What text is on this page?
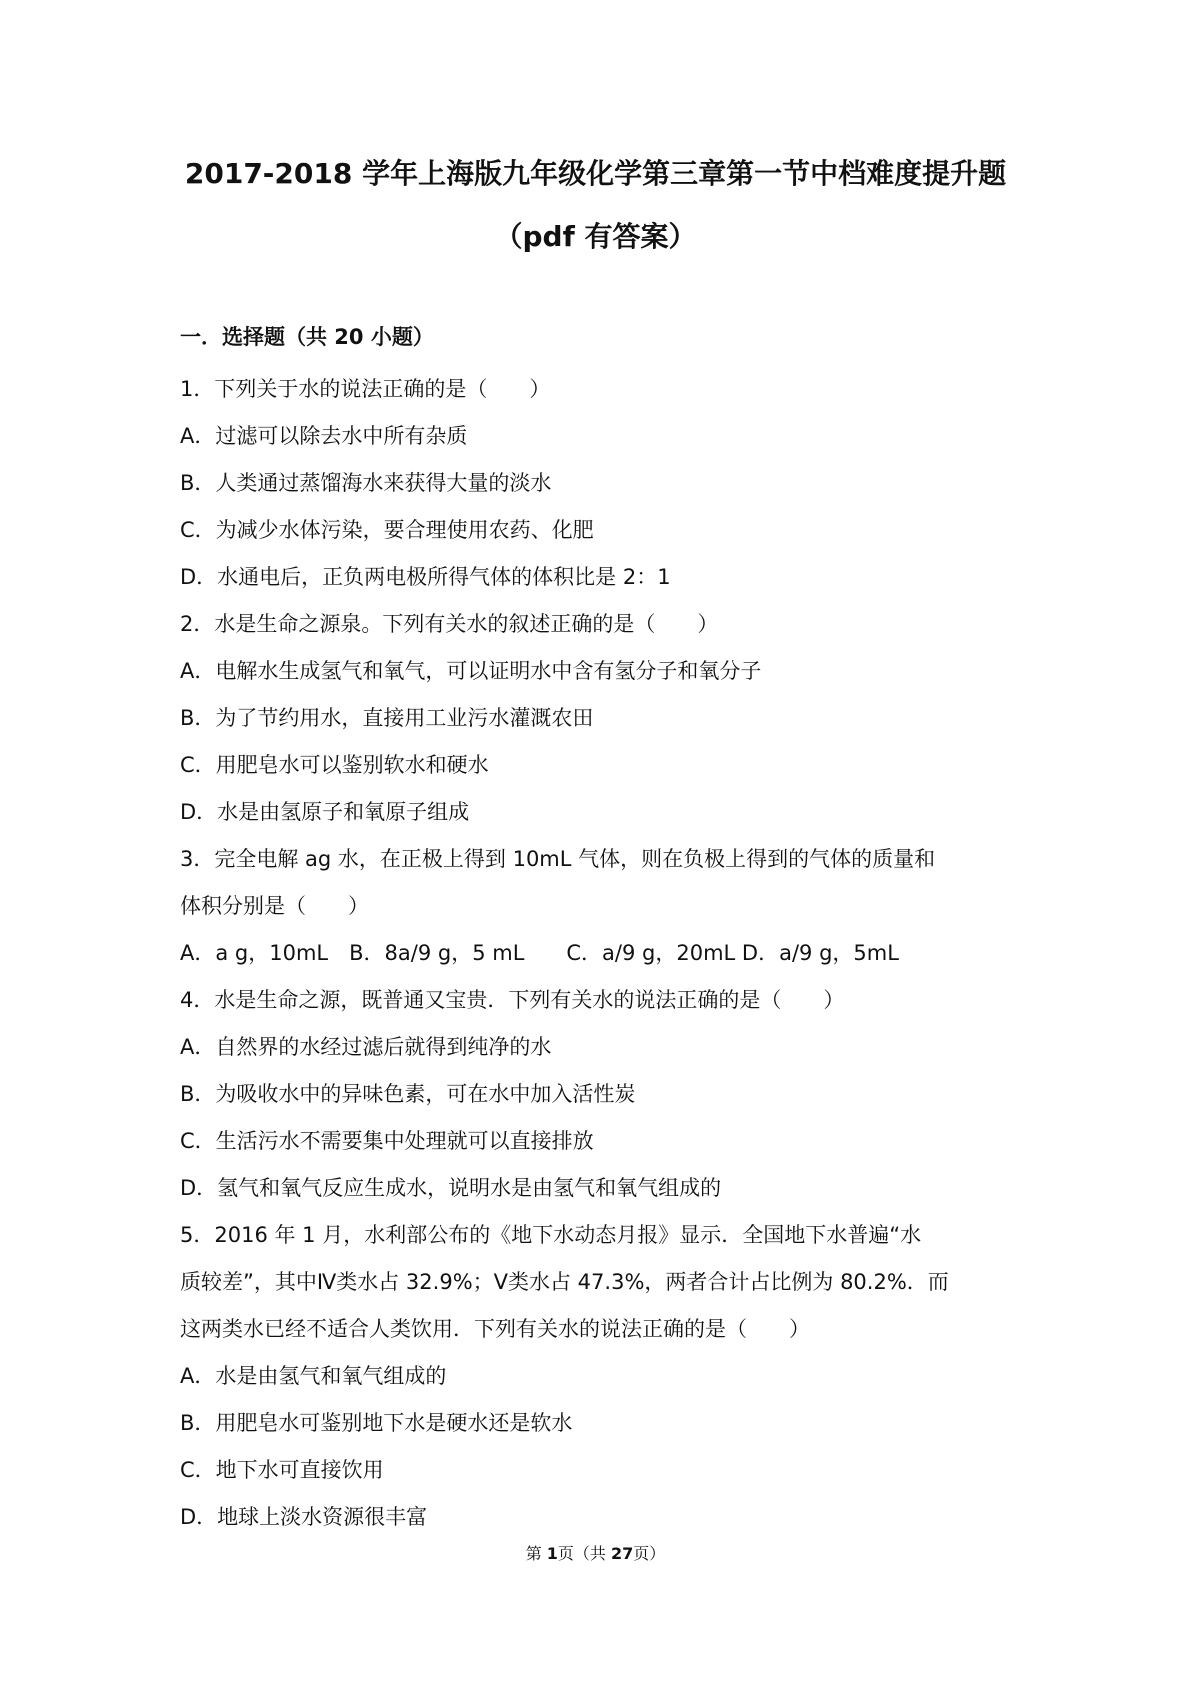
2017-2018 学年上海版九年级化学第三章第一节中档难度提升题
（pdf 有答案）
一．选择题（共 20 小题）
1．下列关于水的说法正确的是（　　）
A．过滤可以除去水中所有杂质
B．人类通过蒸馏海水来获得大量的淡水
C．为减少水体污染，要合理使用农药、化肥
D．水通电后，正负两电极所得气体的体积比是 2：1
2．水是生命之源泉。下列有关水的叙述正确的是（　　）
A．电解水生成氢气和氧气，可以证明水中含有氢分子和氧分子
B．为了节约用水，直接用工业污水灌溉农田
C．用肥皂水可以鉴别软水和硬水
D．水是由氢原子和氧原子组成
3．完全电解 ag 水，在正极上得到 10mL 气体，则在负极上得到的气体的质量和
体积分别是（　　）
A．a g，10mL　B．8a/9 g，5 mL　　C．a/9 g，20mL D．a/9 g，5mL
4．水是生命之源，既普通又宝贵．下列有关水的说法正确的是（　　）
A．自然界的水经过滤后就得到纯净的水
B．为吸收水中的异味色素，可在水中加入活性炭
C．生活污水不需要集中处理就可以直接排放
D．氢气和氧气反应生成水，说明水是由氢气和氧气组成的
5．2016 年 1 月，水利部公布的《地下水动态月报》显示．全国地下水普遍“水
质较差”，其中Ⅳ类水占 32.9%；Ⅴ类水占 47.3%，两者合计占比例为 80.2%．而
这两类水已经不适合人类饮用．下列有关水的说法正确的是（　　）
A．水是由氢气和氧气组成的
B．用肥皂水可鉴别地下水是硬水还是软水
C．地下水可直接饮用
D．地球上淡水资源很丰富
第 1页（共 27页）
